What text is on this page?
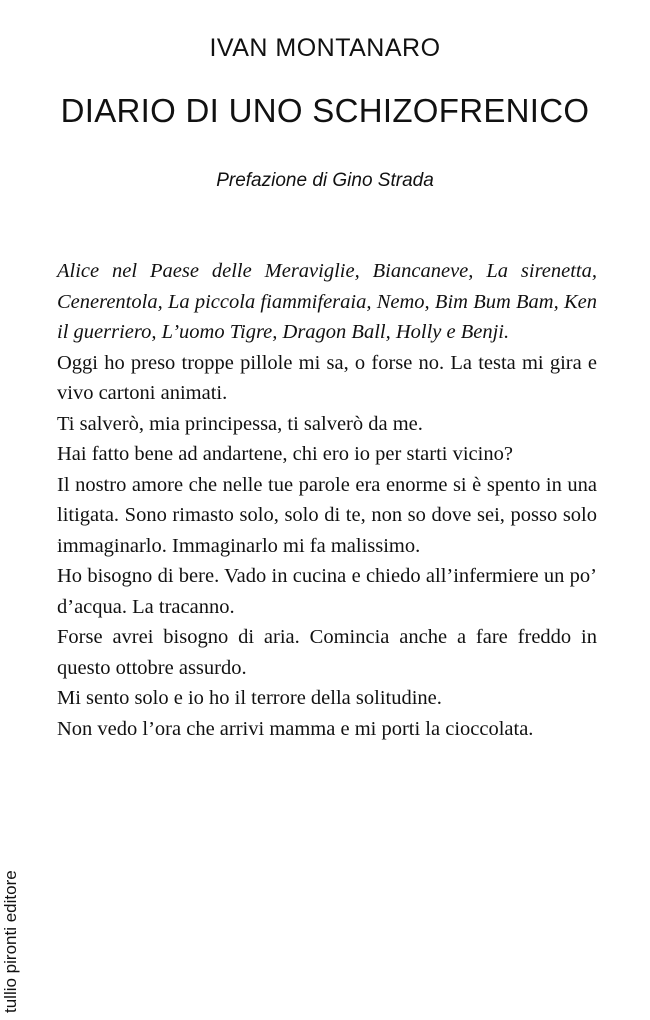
IVAN MONTANARO
DIARIO DI UNO SCHIZOFRENICO

Prefazione di Gino Strada

Alice nel Paese delle Meraviglie, Biancaneve, La sirenetta, Cenerentola, La piccola fiammiferaia, Nemo, Bim Bum Bam, Ken il guerriero, L’uomo Tigre, Dragon Ball, Holly e Benji.

Oggi ho preso troppe pillole mi sa, o forse no. La testa mi gira e vivo cartoni animati.

Ti salverò, mia principessa, ti salverò da me.

Hai fatto bene ad andartene, chi ero io per starti vicino?

Il nostro amore che nelle tue parole era enorme si è spento in una litigata. Sono rimasto solo, solo di te, non so dove sei, posso solo immaginarlo. Immaginarlo mi fa malissimo.

Ho bisogno di bere. Vado in cucina e chiedo all’infermiere un po’ d’acqua. La tracanno.

Forse avrei bisogno di aria. Comincia anche a fare freddo in questo ottobre assurdo.

Mi sento solo e io ho il terrore della solitudine.

Non vedo l’ora che arrivi mamma e mi porti la cioccolata.

tullio pironti editore
